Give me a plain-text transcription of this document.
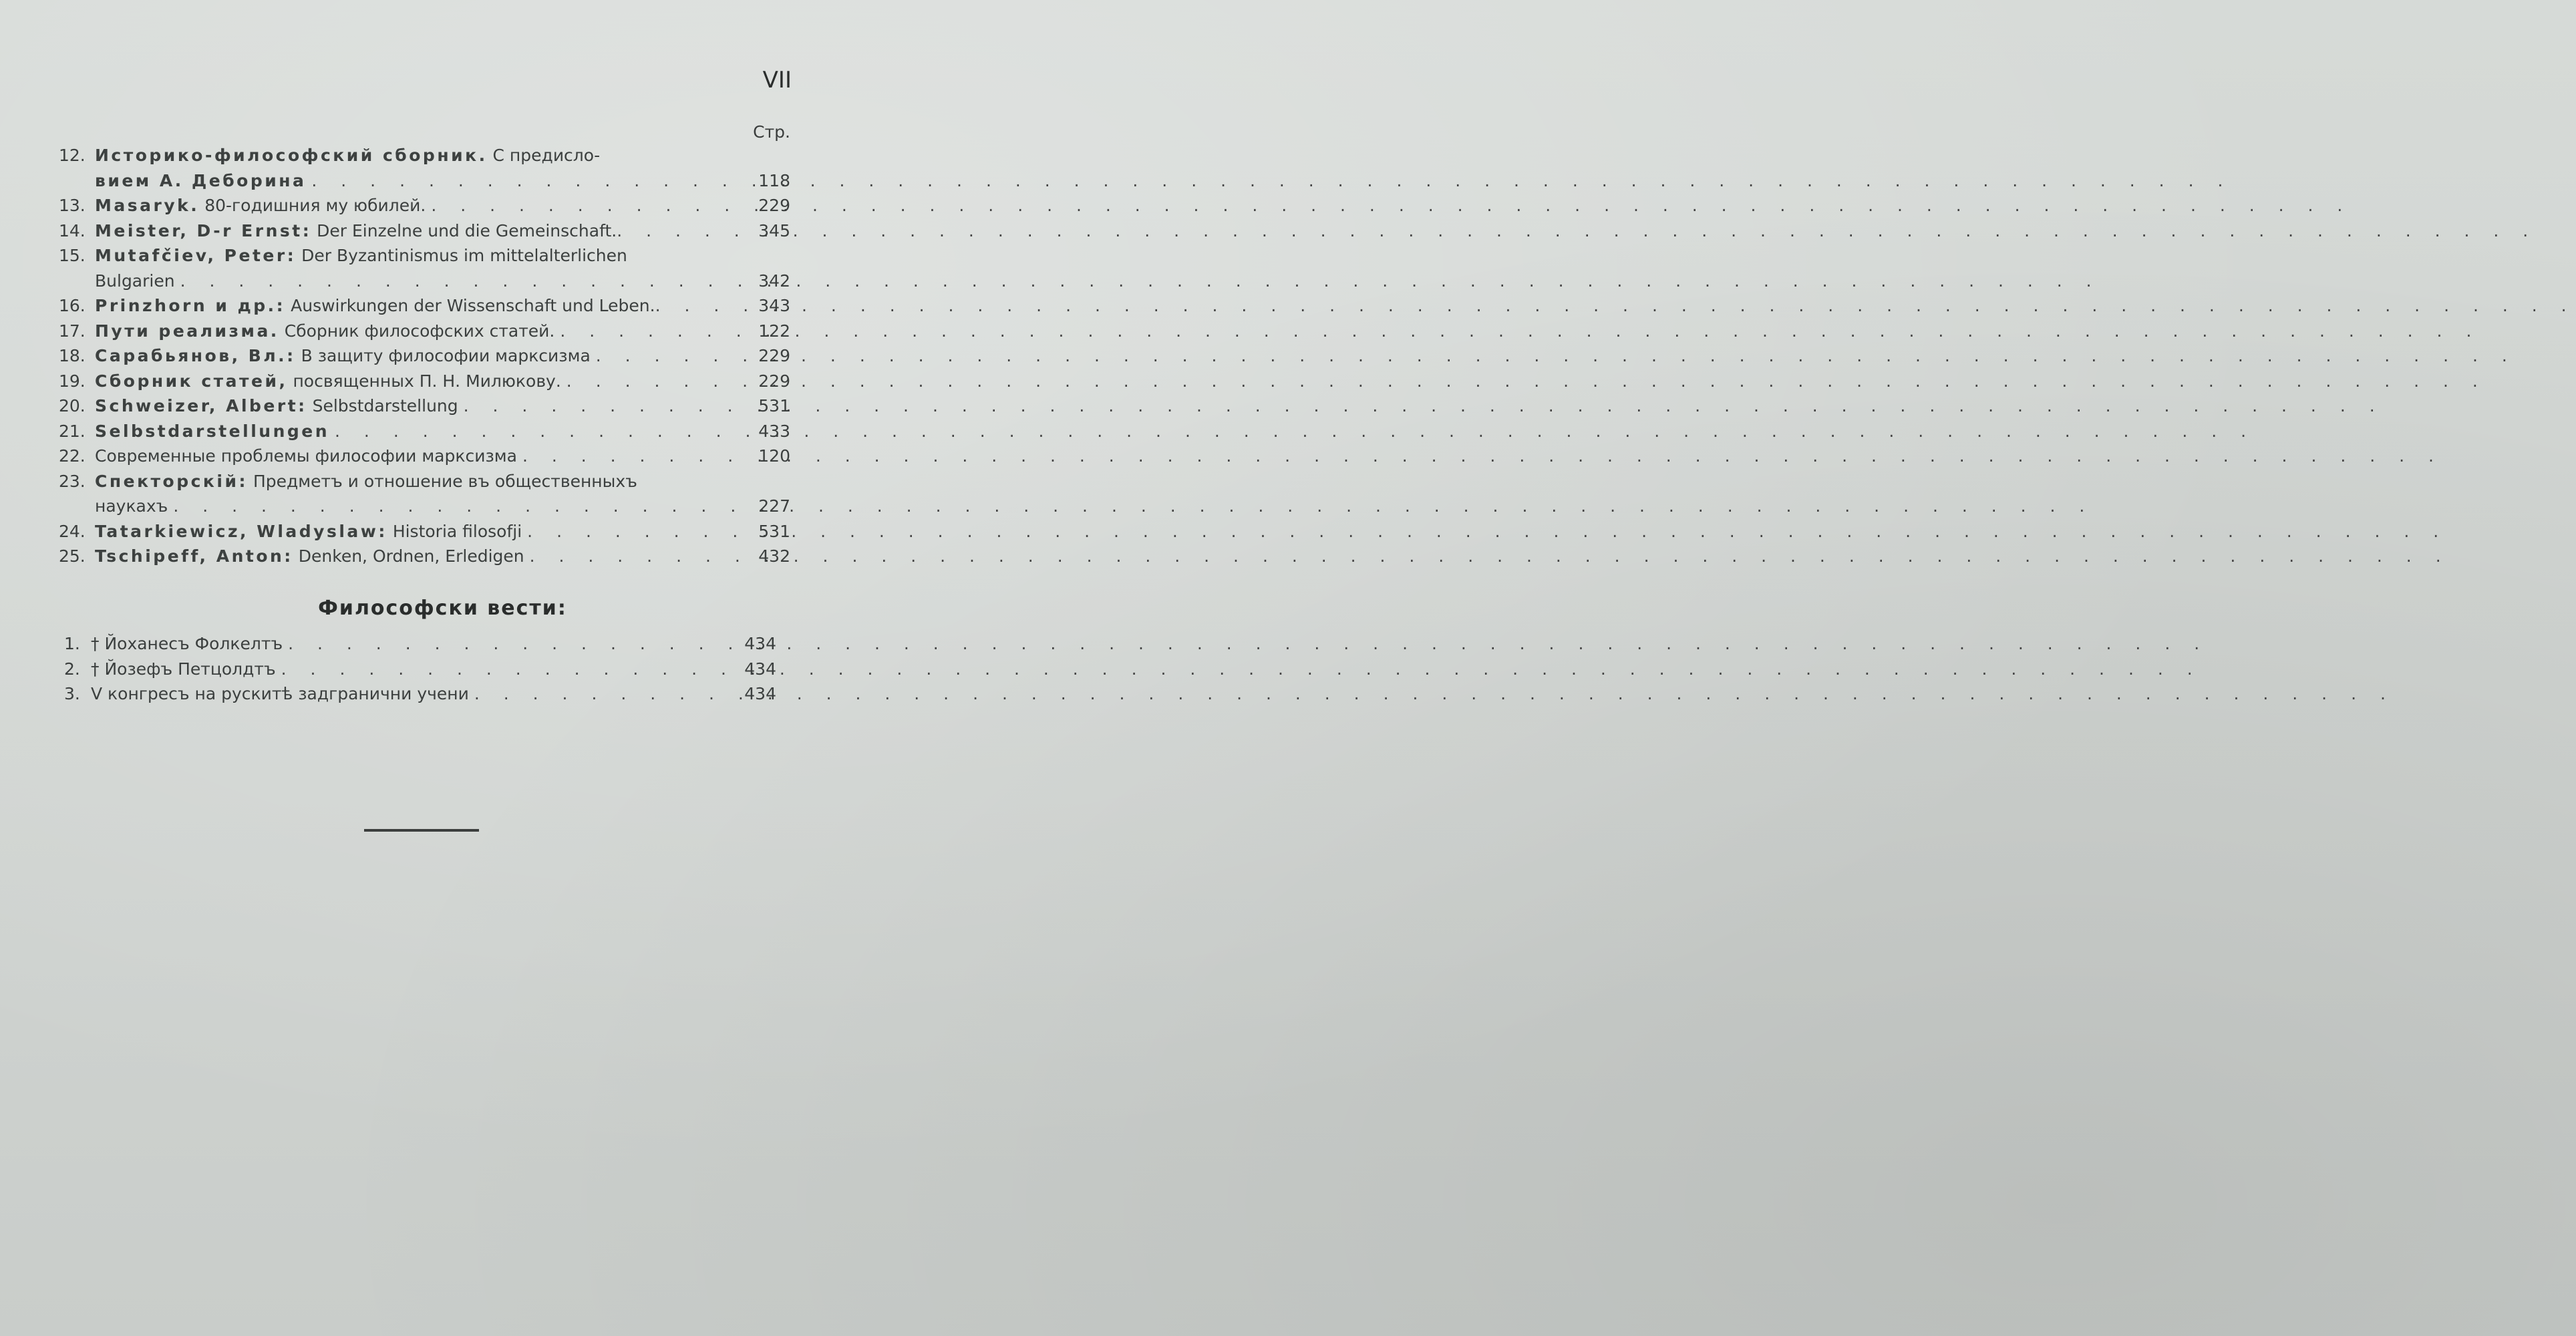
VII
Стр.
12. Историко-философский сборник. С предисло-
вием А. Деборина . . .	118
13. Masaryk. 80-годишния му юбилей. . . .	229
14. Meister, D-r Ernst: Der Einzelne und die Gemeinschaft. . . .	345
15. Mutafčiev, Peter: Der Byzantinismus im mittelalterlichen
Bulgarien . . .	342
16. Prinzhorn и др.: Auswirkungen der Wissenschaft und Leben. . . .	343
17. Пути реализма. Сборник философских статей. . . .	122
18. Сарабьянов, Вл.: В защиту философии марксизма . . .	229
19. Сборник статей, посвященных П. Н. Милюкову. . . .	229
20. Schweizer, Albert: Selbstdarstellung . . .	531
21. Selbstdarstellungen . . .	433
22. Современные проблемы философии марксизма . . .	120
23. Спекторскій: Предметъ и отношение въ общественныхъ
наукахъ . . .	227
24. Tatarkiewicz, Wladyslaw: Historia filosofji . . .	531
25. Tschipeff, Anton: Denken, Ordnen, Erledigen . . .	432
Философски вести:
1. † Йоханесъ Фолкелтъ . . .	434
2. † Йозефъ Петцолдтъ . . .	434
3. V конгресъ на рускитѣ задгранични учени . . .	434
